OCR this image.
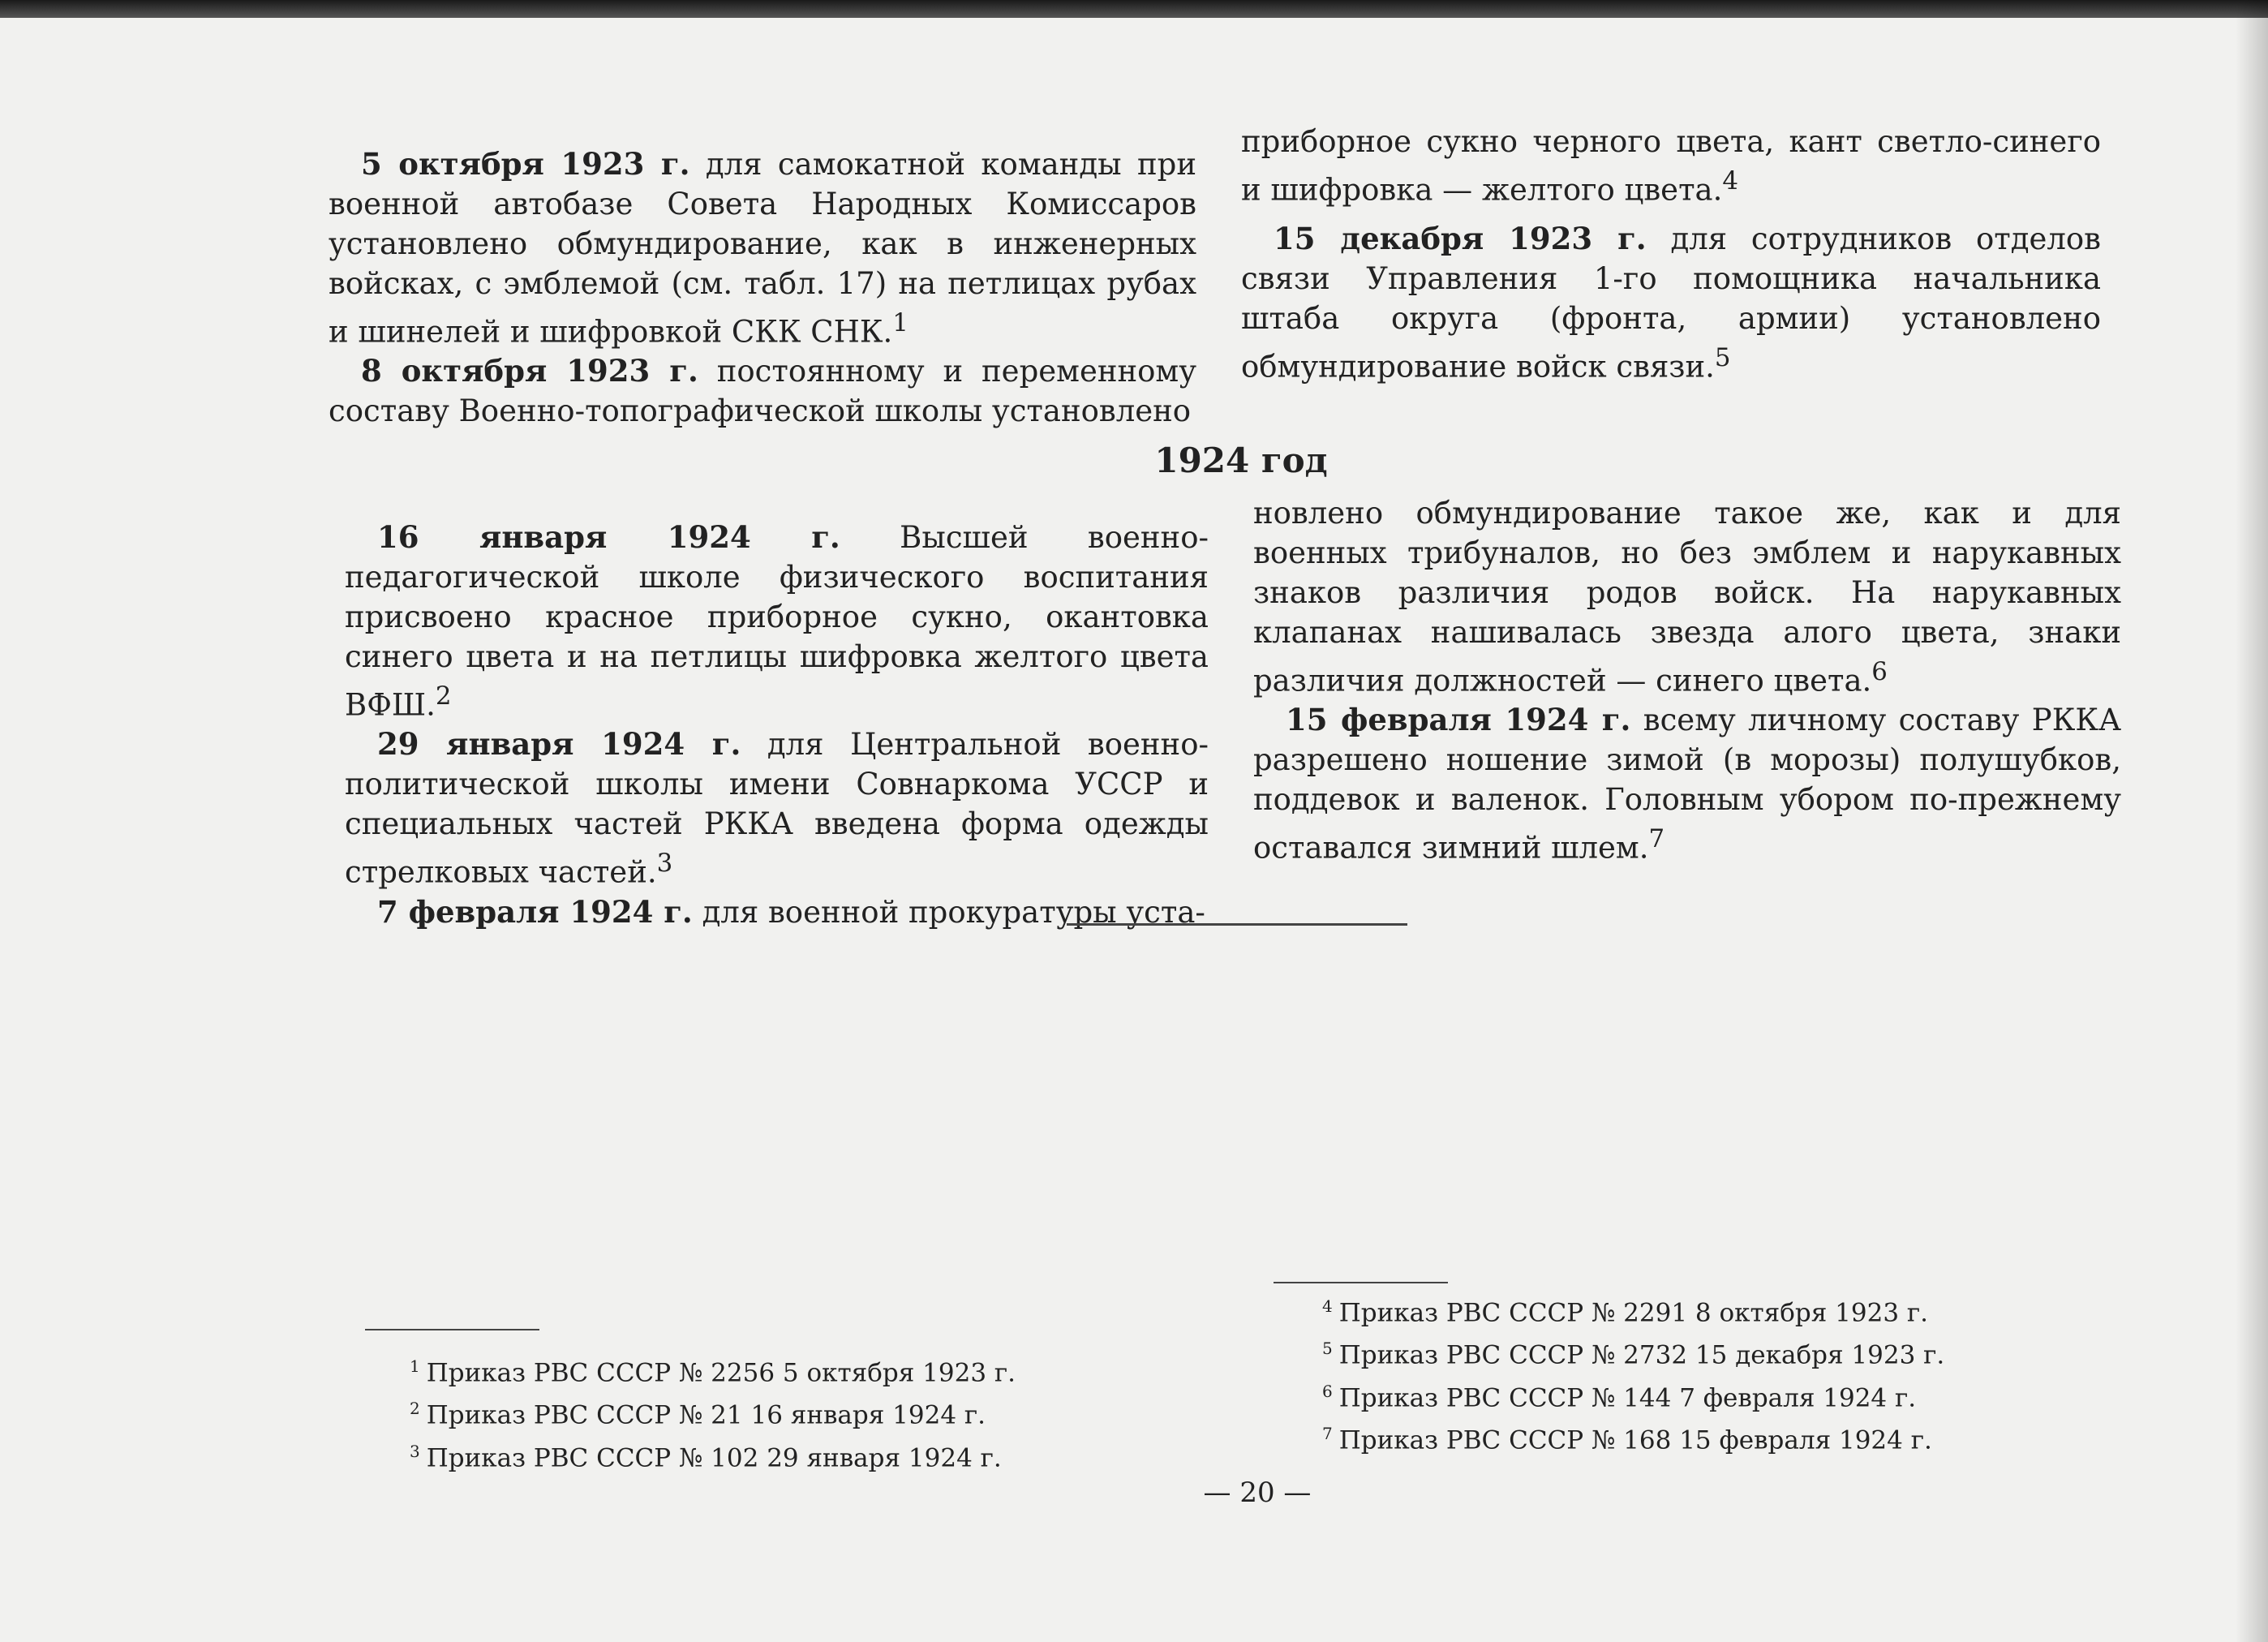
5 октября 1923 г. для самокатной команды при военной автобазе Совета Народных Комиссаров установлено обмундирование, как в инженерных войсках, с эмблемой (см. табл. 17) на петлицах рубах и шинелей и шифровкой СКК СНК.$^1$

8 октября 1923 г. постоянному и переменному составу Военно-топографической школы установлено

приборное сукно черного цвета, кант светло-синего и шифровка — желтого цвета.$^4$

15 декабря 1923 г. для сотрудников отделов связи Управления 1-го помощника начальника штаба округа (фронта, армии) установлено обмундирование войск связи.$^5$

1924 год

16 января 1924 г. Высшей военно-педагогической школе физического воспитания присвоено красное приборное сукно, окантовка синего цвета и на петлицы шифровка желтого цвета ВФШ.$^2$

29 января 1924 г. для Центральной военно-политической школы имени Совнаркома УССР и специальных частей РККА введена форма одежды стрелковых частей.$^3$

7 февраля 1924 г. для военной прокуратуры уста-

новлено обмундирование такое же, как и для военных трибуналов, но без эмблем и нарукавных знаков различия родов войск. На нарукавных клапанах нашивалась звезда алого цвета, знаки различия должностей — синего цвета.$^6$

15 февраля 1924 г. всему личному составу РККА разрешено ношение зимой (в морозы) полушубков, поддевок и валенок. Головным убором по-прежнему оставался зимний шлем.$^7$

$^1$ Приказ РВС СССР № 2256 5 октября 1923 г.
$^2$ Приказ РВС СССР № 21 16 января 1924 г.
$^3$ Приказ РВС СССР № 102 29 января 1924 г.
$^4$ Приказ РВС СССР № 2291 8 октября 1923 г.
$^5$ Приказ РВС СССР № 2732 15 декабря 1923 г.
$^6$ Приказ РВС СССР № 144 7 февраля 1924 г.
$^7$ Приказ РВС СССР № 168 15 февраля 1924 г.
— 20 —
